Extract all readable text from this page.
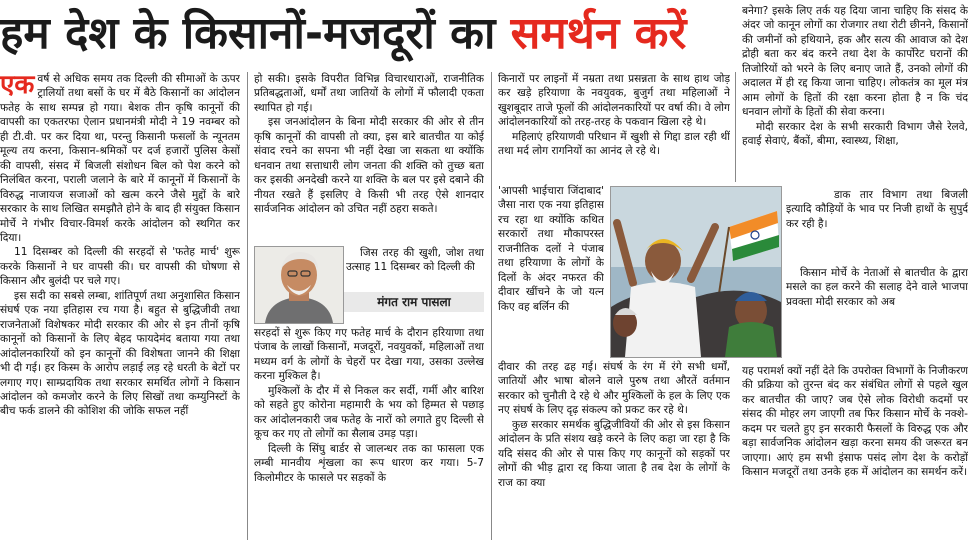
हम देश के किसानों-मजदूरों का समर्थन करें

एक वर्ष से अधिक समय तक दिल्ली की सीमाओं के ऊपर ट्रालियों तथा बसों के घर में बैठे किसानों का आंदोलन फतेह के साथ सम्पन्न हो गया। बेशक तीन कृषि कानूनों की वापसी का एकतरफा ऐलान प्रधानमंत्री मोदी ने 19 नवम्बर को ही टी.वी. पर कर दिया था, परन्तु किसानी फसलों के न्यूनतम मूल्य तय करना, किसान-श्रमिकों पर दर्ज हजारों पुलिस केसों की वापसी, संसद में बिजली संशोधन बिल को पेश करने को निलंबित करना, पराली जलाने के बारे में कानूनों में किसानों के विरुद्ध नाजायज सजाओं को खत्म करने जैसे मुद्दों के बारे सरकार के साथ लिखित समझौते होने के बाद ही संयुक्त किसान मोर्चे ने गंभीर विचार-विमर्श करके आंदोलन को स्थगित कर दिया।

11 दिसम्बर को दिल्ली की सरहदों से 'फतेह मार्च' शुरू करके किसानों ने घर वापसी की। घर वापसी की घोषणा से किसान और बुलंदी पर चले गए।

इस सदी का सबसे लम्बा, शांतिपूर्ण तथा अनुशासित किसान संघर्ष एक नया इतिहास रच गया है। बहुत से बुद्धिजीवी तथा राजनेताओं विशेषकर मोदी सरकार की ओर से इन तीनों कृषि कानूनों को किसानों के लिए बेहद फायदेमंद बताया गया तथा आंदोलनकारियों को इन कानूनों की विशेषता जानने की शिक्षा भी दी गई। हर किस्म के आरोप लड़ाई लड़ रहे धरती के बेटों पर लगाए गए। साम्प्रदायिक तथा सरकार समर्थित लोगों ने किसान आंदोलन को कमजोर करने के लिए सिखों तथा कम्युनिस्टों के बीच फर्क डालने की कोशिश की जोकि सफल नहीं

हो सकी। इसके विपरीत विभिन्न विचारधाराओं, राजनीतिक प्रतिबद्धताओं, धर्मों तथा जातियों के लोगों में फौलादी एकता स्थापित हो गई।

इस जनआंदोलन के बिना मोदी सरकार की ओर से तीन कृषि कानूनों की वापसी तो क्या, इस बारे बातचीत या कोई संवाद रचने का सपना भी नहीं देखा जा सकता था क्योंकि धनवान तथा सत्ताधारी लोग जनता की शक्ति को तुच्छ बता कर इसकी अनदेखी करने या शक्ति के बल पर इसे दबाने की नीयत रखते हैं इसलिए वे किसी भी तरह ऐसे शानदार सार्वजनिक आंदोलन को उचित नहीं ठहरा सकते।

जिस तरह की खुशी, जोश तथा उत्साह 11 दिसम्बर को दिल्ली की

मंगत राम पासला

सरहदों से शुरू किए गए फतेह मार्च के दौरान हरियाणा तथा पंजाब के लाखों किसानों, मजदूरों, नवयुवकों, महिलाओं तथा मध्यम वर्ग के लोगों के चेहरों पर देखा गया, उसका उल्लेख करना मुश्किल है।

मुश्किलों के दौर में से निकल कर सर्दी, गर्मी और बारिश को सहते हुए कोरोना महामारी के भय को हिम्मत से पछाड़ कर आंदोलनकारी जब फतेह के नारों को लगाते हुए दिल्ली से कूच कर गए तो लोगों का सैलाब उमड़ पड़ा।

दिल्ली के सिंघु बार्डर से जालन्धर तक का फासला एक लम्बी मानवीय शृंखला का रूप धारण कर गया। 5-7 किलोमीटर के फासले पर सड़कों के

किनारों पर लाइनों में नम्रता तथा प्रसन्नता के साथ हाथ जोड़ कर खड़े हरियाणा के नवयुवक, बुजुर्ग तथा महिलाओं ने खुशबूदार ताजे फूलों की आंदोलनकारियों पर वर्षा की। वे लोग आंदोलनकारियों को तरह-तरह के पकवान खिला रहे थे।

महिलाएं हरियाणवी परिधान में खुशी से गिद्दा डाल रही थीं तथा मर्द लोग रागनियों का आनंद ले रहे थे।

'आपसी भाईचारा जिंदाबाद' जैसा नारा एक नया इतिहास रच रहा था क्योंकि कथित सरकारों तथा मौकापरस्त राजनीतिक दलों ने पंजाब तथा हरियाणा के लोगों के दिलों के अंदर नफरत की दीवार खींचने के जो यत्न किए वह बर्लिन की

दीवार की तरह ढह गई। संघर्ष के रंग में रंगे सभी धर्मों, जातियों और भाषा बोलने वाले पुरुष तथा औरतें वर्तमान सरकार को चुनौती दे रहे थे और मुश्किलों के हल के लिए एक नए संघर्ष के लिए दृढ़ संकल्प को प्रकट कर रहे थे।

कुछ सरकार समर्थक बुद्धिजीवियों की ओर से इस किसान आंदोलन के प्रति संशय खड़े करने के लिए कहा जा रहा है कि यदि संसद की ओर से पास किए गए कानूनों को सड़कों पर लोगों की भीड़ द्वारा रद्द किया जाता है तब देश के लोगों के राज का क्या

बनेगा? इसके लिए तर्क यह दिया जाना चाहिए कि संसद के अंदर जो कानून लोगों का रोजगार तथा रोटी छीनने, किसानों की जमीनों को हथियाने, हक और सत्य की आवाज को देश द्रोही बता कर बंद करने तथा देश के कार्पोरेट घरानों की तिजोरियों को भरने के लिए बनाए जाते हैं, उनको लोगों की अदालत में ही रद्द किया जाना चाहिए। लोकतंत्र का मूल मंत्र आम लोगों के हितों की रक्षा करना होता है न कि चंद धनवान लोगों के हितों की सेवा करना।

मोदी सरकार देश के सभी सरकारी विभाग जैसे रेलवे, हवाई सेवाएं, बैंकों, बीमा, स्वास्थ्य, शिक्षा,

डाक तार विभाग तथा बिजली इत्यादि कौड़ियों के भाव पर निजी हाथों के सुपुर्द कर रही है।

किसान मोर्चे के नेताओं से बातचीत के द्वारा मसले का हल करने की सलाह देने वाले भाजपा प्रवक्ता मोदी सरकार को अब

यह परामर्श क्यों नहीं देते कि उपरोक्त विभागों के निजीकरण की प्रक्रिया को तुरन्त बंद कर संबंधित लोगों से पहले खुल कर बातचीत की जाए? जब ऐसे लोक विरोधी कदमों पर संसद की मोहर लग जाएगी तब फिर किसान मोर्चे के नक्शे-कदम पर चलते हुए इन सरकारी फैसलों के विरुद्ध एक और बड़ा सार्वजनिक आंदोलन खड़ा करना समय की जरूरत बन जाएगा। आएं हम सभी इंसाफ पसंद लोग देश के करोड़ों किसान मजदूरों तथा उनके हक में आंदोलन का समर्थन करें।
